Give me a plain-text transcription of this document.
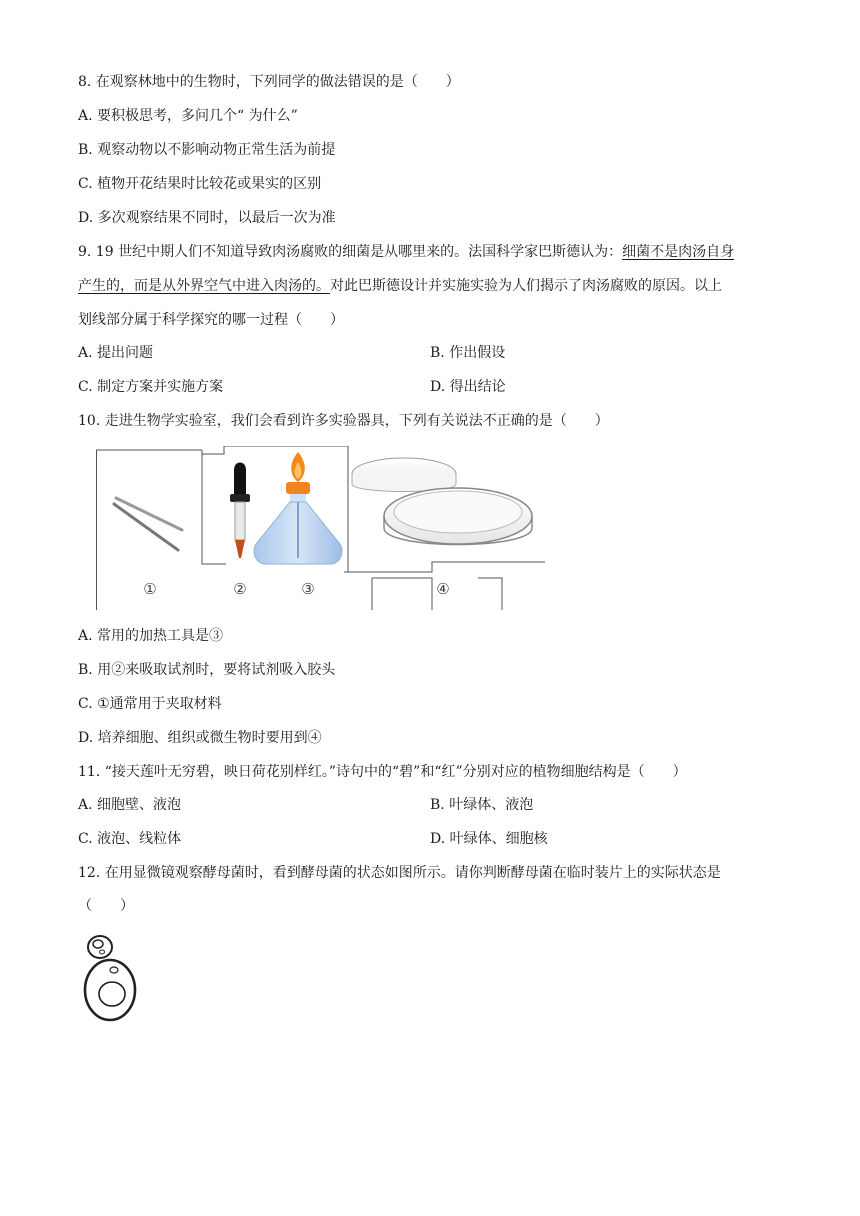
8. 在观察林地中的生物时，下列同学的做法错误的是（　　）
A. 要积极思考，多问几个“ 为什么”
B. 观察动物以不影响动物正常生活为前提
C. 植物开花结果时比较花或果实的区别
D. 多次观察结果不同时，以最后一次为准
9. 19 世纪中期人们不知道导致肉汤腐败的细菌是从哪里来的。法国科学家巴斯德认为：细菌不是肉汤自身
产生的，而是从外界空气中进入肉汤的。对此巴斯德设计并实施实验为人们揭示了肉汤腐败的原因。以上
划线部分属于科学探究的哪一过程（　　）
A. 提出问题	B. 作出假设
C. 制定方案并实施方案	D. 得出结论
10. 走进生物学实验室，我们会看到许多实验器具，下列有关说法不正确的是（　　）
①	②	③	④
A. 常用的加热工具是③
B. 用②来吸取试剂时，要将试剂吸入胶头
C. ①通常用于夹取材料
D. 培养细胞、组织或微生物时要用到④
11. “接天莲叶无穷碧，映日荷花别样红。”诗句中的“碧”和“红”分别对应的植物细胞结构是（　　）
A. 细胞壁、液泡	B. 叶绿体、液泡
C. 液泡、线粒体	D. 叶绿体、细胞核
12. 在用显微镜观察酵母菌时，看到酵母菌的状态如图所示。请你判断酵母菌在临时装片上的实际状态是
（　　）
